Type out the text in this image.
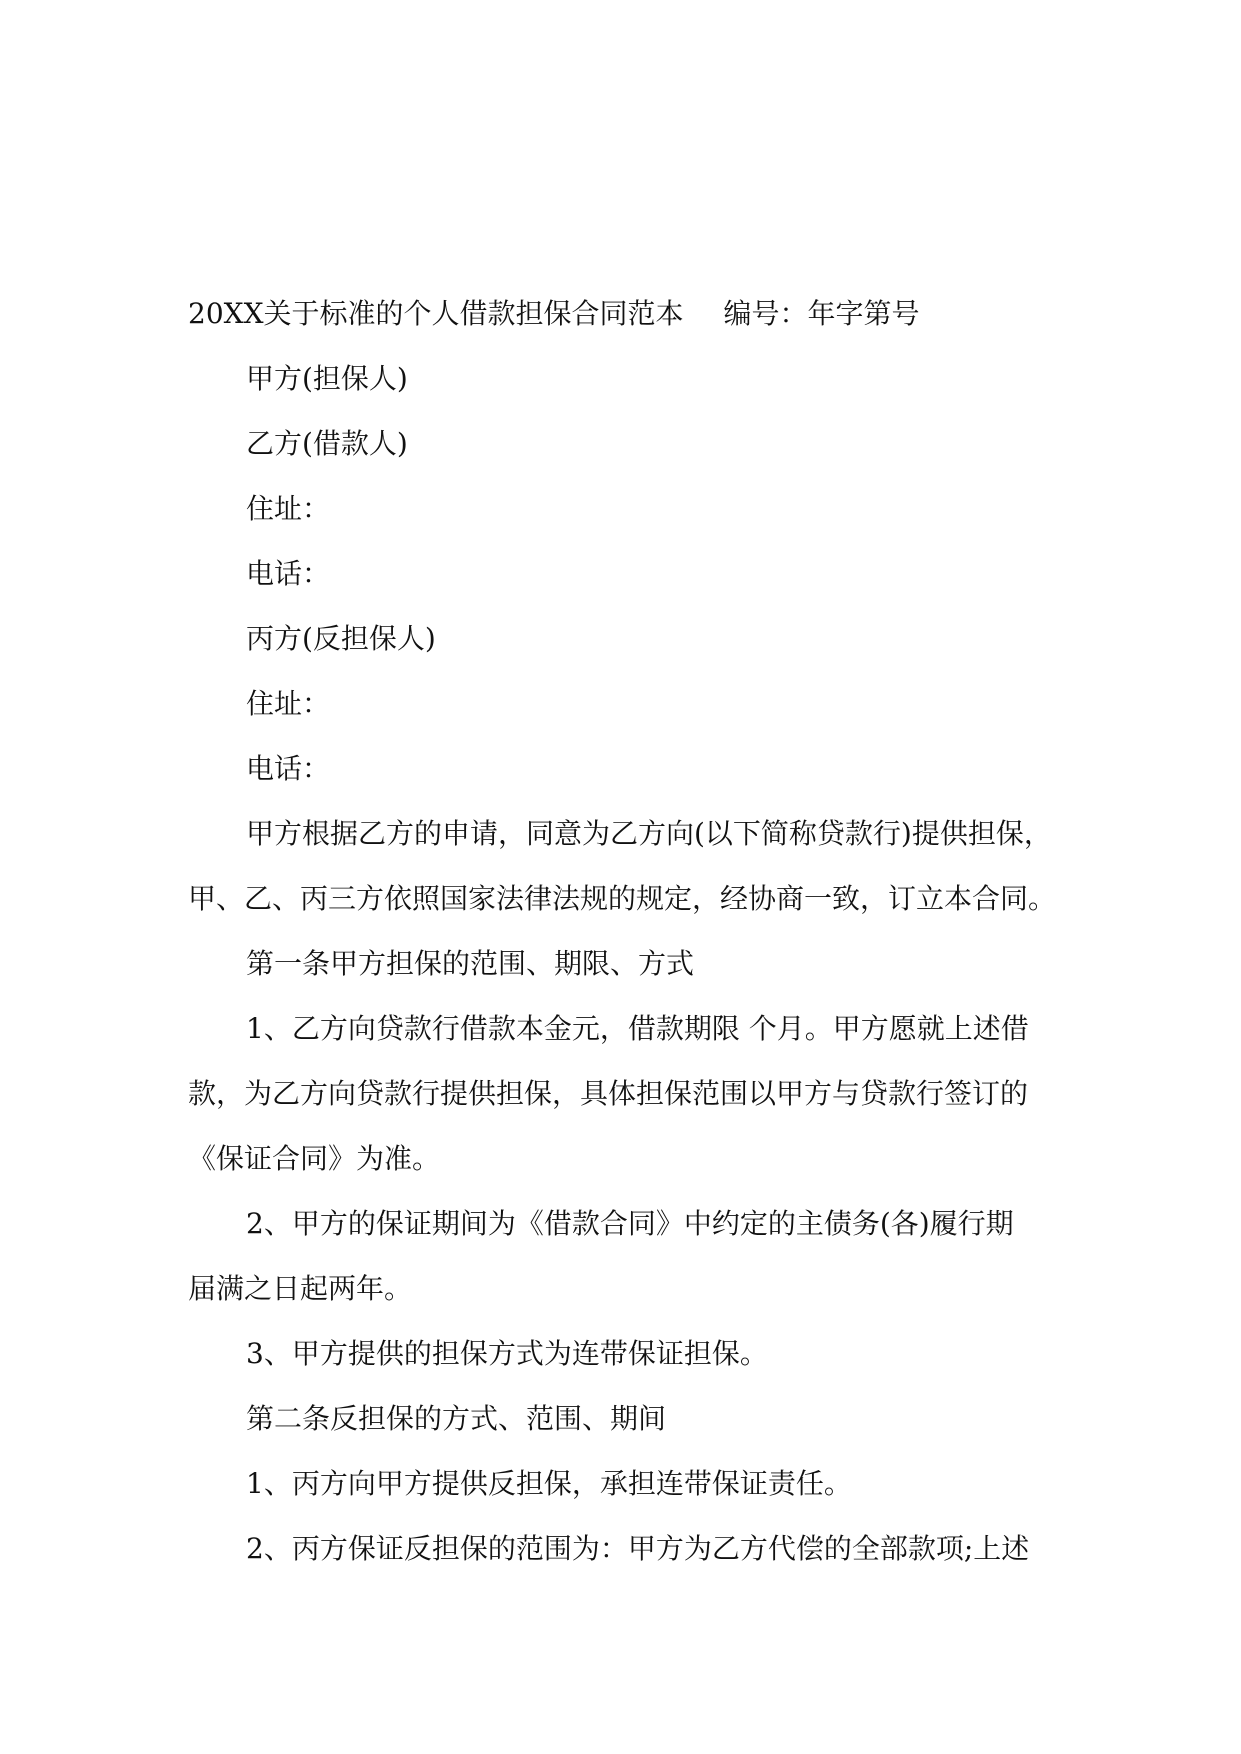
20XX关于标准的个人借款担保合同范本 编号：年字第号
甲方(担保人)
乙方(借款人)
住址：
电话：
丙方(反担保人)
住址：
电话：
甲方根据乙方的申请，同意为乙方向(以下简称贷款行)提供担保，
甲、乙、丙三方依照国家法律法规的规定，经协商一致，订立本合同。
第一条甲方担保的范围、期限、方式
1、乙方向贷款行借款本金元，借款期限 个月。甲方愿就上述借
款，为乙方向贷款行提供担保，具体担保范围以甲方与贷款行签订的
《保证合同》为准。
2、甲方的保证期间为《借款合同》中约定的主债务(各)履行期
届满之日起两年。
3、甲方提供的担保方式为连带保证担保。
第二条反担保的方式、范围、期间
1、丙方向甲方提供反担保，承担连带保证责任。
2、丙方保证反担保的范围为：甲方为乙方代偿的全部款项;上述
